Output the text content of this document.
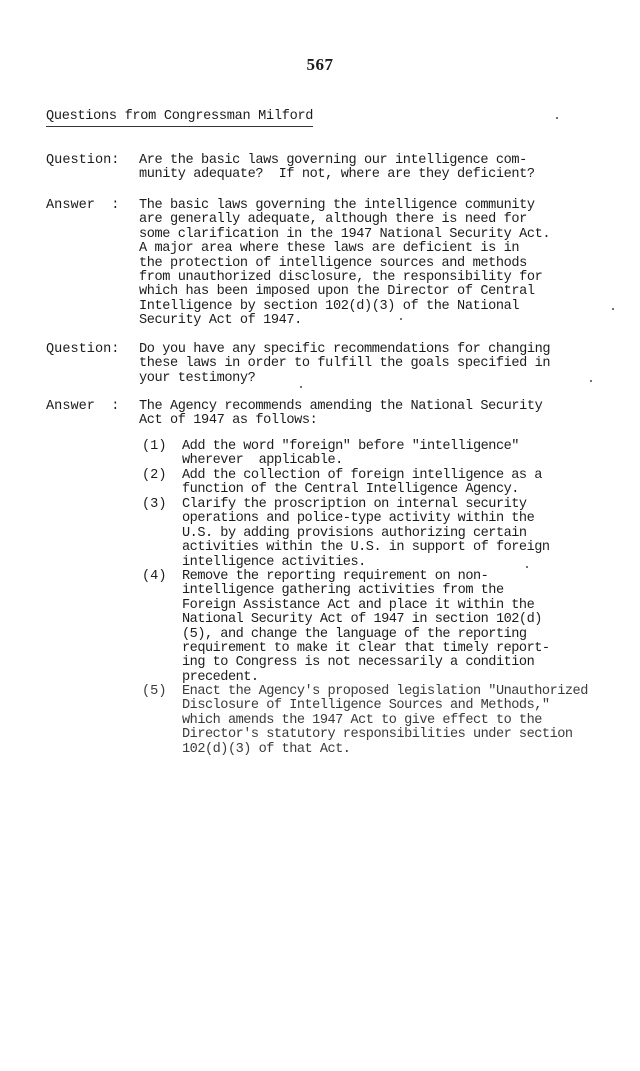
567
Questions from Congressman Milford
Question: Are the basic laws governing our intelligence com-
munity adequate?  If not, where are they deficient?
Answer  : The basic laws governing the intelligence community
are generally adequate, although there is need for
some clarification in the 1947 National Security Act.
A major area where these laws are deficient is in
the protection of intelligence sources and methods
from unauthorized disclosure, the responsibility for
which has been imposed upon the Director of Central
Intelligence by section 102(d)(3) of the National
Security Act of 1947.
Question: Do you have any specific recommendations for changing
these laws in order to fulfill the goals specified in
your testimony?
Answer  : The Agency recommends amending the National Security
Act of 1947 as follows:
(1) Add the word "foreign" before "intelligence"
wherever  applicable.
(2) Add the collection of foreign intelligence as a
function of the Central Intelligence Agency.
(3) Clarify the proscription on internal security
operations and police-type activity within the
U.S. by adding provisions authorizing certain
activities within the U.S. in support of foreign
intelligence activities.
(4) Remove the reporting requirement on non-
intelligence gathering activities from the
Foreign Assistance Act and place it within the
National Security Act of 1947 in section 102(d)
(5), and change the language of the reporting
requirement to make it clear that timely report-
ing to Congress is not necessarily a condition
precedent.
(5) Enact the Agency's proposed legislation "Unauthorized
Disclosure of Intelligence Sources and Methods,"
which amends the 1947 Act to give effect to the
Director's statutory responsibilities under section
102(d)(3) of that Act.
